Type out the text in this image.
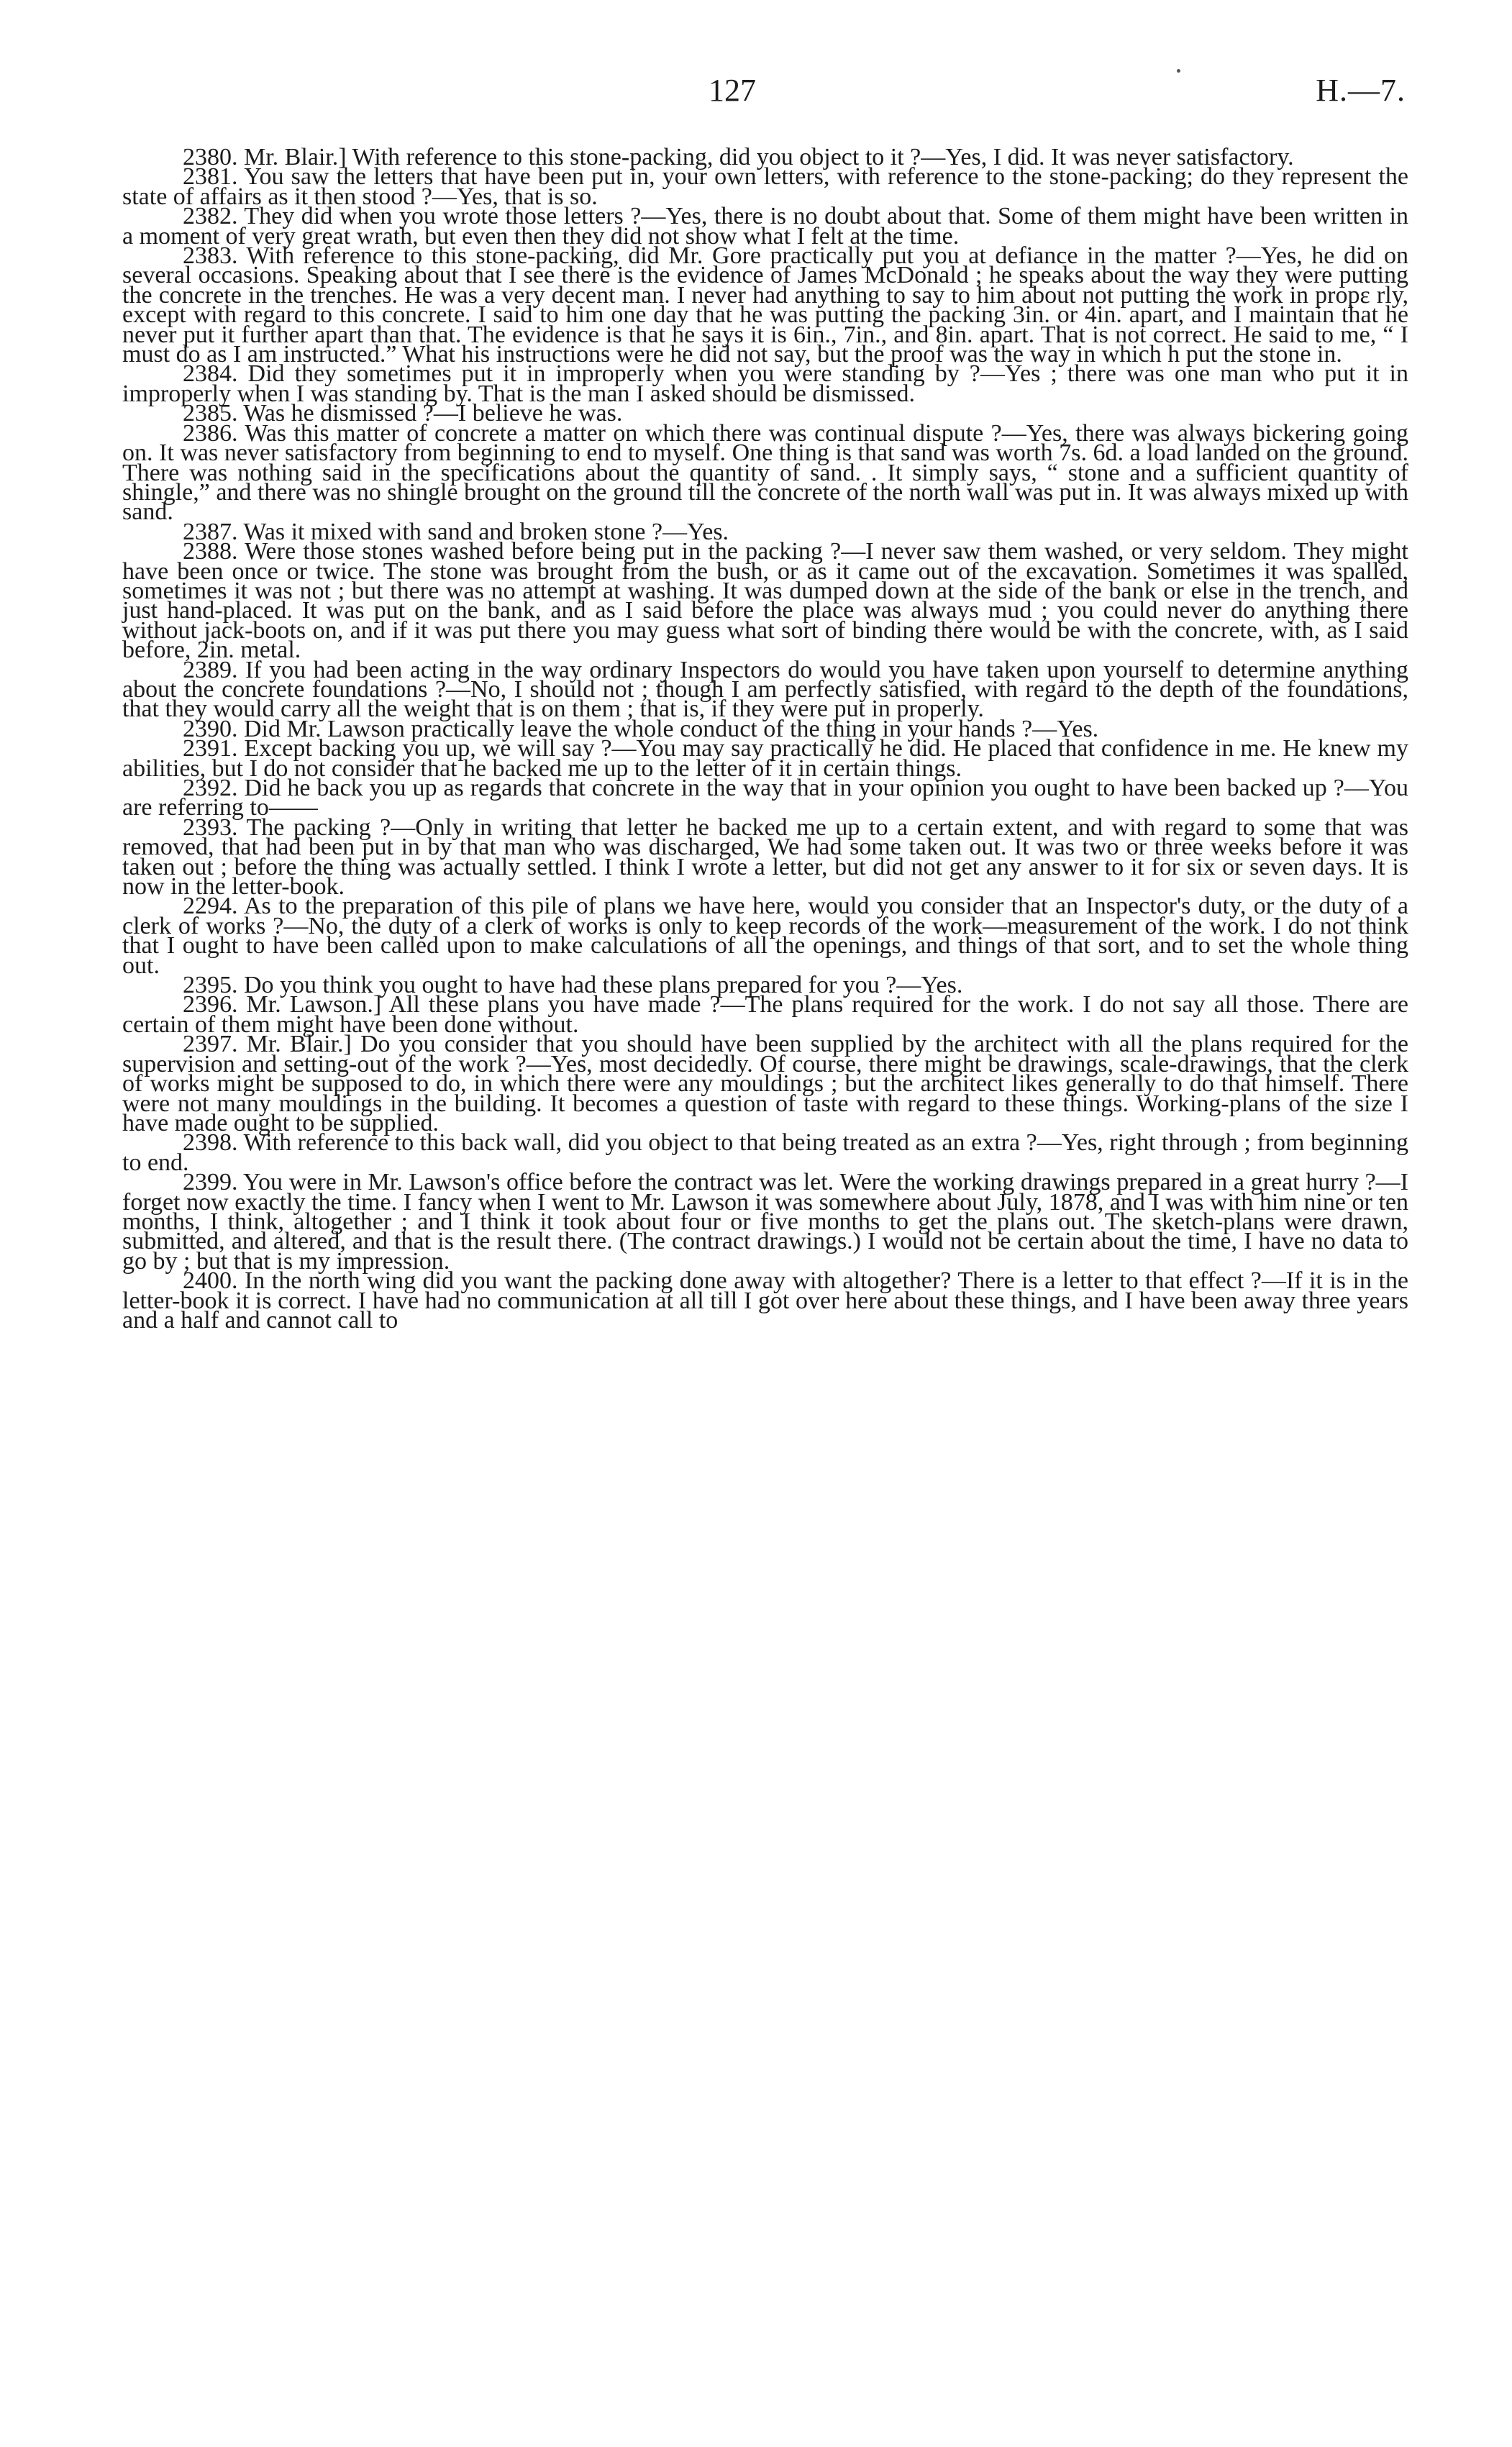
127	H.—7.

2380. Mr. Blair.] With reference to this stone-packing, did you object to it ?—Yes, I did. It was never satisfactory.

2381. You saw the letters that have been put in, your own letters, with reference to the stone-packing; do they represent the state of affairs as it then stood ?—Yes, that is so.

2382. They did when you wrote those letters ?—Yes, there is no doubt about that. Some of them might have been written in a moment of very great wrath, but even then they did not show what I felt at the time.

2383. With reference to this stone-packing, did Mr. Gore practically put you at defiance in the matter ?—Yes, he did on several occasions. Speaking about that I see there is the evidence of James McDonald ; he speaks about the way they were putting the concrete in the trenches. He was a very decent man. I never had anything to say to him about not putting the work in propε rly, except with regard to this concrete. I said to him one day that he was putting the packing 3in. or 4in. apart, and I maintain that he never put it further apart than that. The evidence is that he says it is 6in., 7in., and 8in. apart. That is not correct. He said to me, “ I must do as I am instructed.” What his instructions were he did not say, but the proof was the way in which h put the stone in.

2384. Did they sometimes put it in improperly when you were standing by ?—Yes ; there was one man who put it in improperly when I was standing by. That is the man I asked should be dismissed.

2385. Was he dismissed ?—I believe he was.

2386. Was this matter of concrete a matter on which there was continual dispute ?—Yes, there was always bickering going on. It was never satisfactory from beginning to end to myself. One thing is that sand was worth 7s. 6d. a load landed on the ground. There was nothing said in the specifications about the quantity of sand. . It simply says, “ stone and a sufficient quantity of shingle,” and there was no shingle brought on the ground till the concrete of the north wall was put in. It was always mixed up with sand.

2387. Was it mixed with sand and broken stone ?—Yes.

2388. Were those stones washed before being put in the packing ?—I never saw them washed, or very seldom. They might have been once or twice. The stone was brought from the bush, or as it came out of the excavation. Sometimes it was spalled, sometimes it was not ; but there was no attempt at washing. It was dumped down at the side of the bank or else in the trench, and just hand-placed. It was put on the bank, and as I said before the place was always mud ; you could never do anything there without jack-boots on, and if it was put there you may guess what sort of binding there would be with the concrete, with, as I said before, 2in. metal.

2389. If you had been acting in the way ordinary Inspectors do would you have taken upon yourself to determine anything about the concrete foundations ?—No, I should not ; though I am perfectly satisfied, with regard to the depth of the foundations, that they would carry all the weight that is on them ; that is, if they were put in properly.

2390. Did Mr. Lawson practically leave the whole conduct of the thing in your hands ?—Yes.

2391. Except backing you up, we will say ?—You may say practically he did. He placed that confidence in me. He knew my abilities, but I do not consider that he backed me up to the letter of it in certain things.

2392. Did he back you up as regards that concrete in the way that in your opinion you ought to have been backed up ?—You are referring to——

2393. The packing ?—Only in writing that letter he backed me up to a certain extent, and with regard to some that was removed, that had been put in by that man who was discharged, We had some taken out. It was two or three weeks before it was taken out ; before the thing was actually settled. I think I wrote a letter, but did not get any answer to it for six or seven days. It is now in the letter-book.

2294. As to the preparation of this pile of plans we have here, would you consider that an Inspector's duty, or the duty of a clerk of works ?—No, the duty of a clerk of works is only to keep records of the work—measurement of the work. I do not think that I ought to have been called upon to make calculations of all the openings, and things of that sort, and to set the whole thing out.

2395. Do you think you ought to have had these plans prepared for you ?—Yes.

2396. Mr. Lawson.] All these plans you have made ?—The plans required for the work. I do not say all those. There are certain of them might have been done without.

2397. Mr. Blair.] Do you consider that you should have been supplied by the architect with all the plans required for the supervision and setting-out of the work ?—Yes, most decidedly. Of course, there might be drawings, scale-drawings, that the clerk of works might be supposed to do, in which there were any mouldings ; but the architect likes generally to do that himself. There were not many mouldings in the building. It becomes a question of taste with regard to these things. Working-plans of the size I have made ought to be supplied.

2398. With reference to this back wall, did you object to that being treated as an extra ?—Yes, right through ; from beginning to end.

2399. You were in Mr. Lawson's office before the contract was let. Were the working drawings prepared in a great hurry ?—I forget now exactly the time. I fancy when I went to Mr. Lawson it was somewhere about July, 1878, and I was with him nine or ten months, I think, altogether ; and I think it took about four or five months to get the plans out. The sketch-plans were drawn, submitted, and altered, and that is the result there. (The contract drawings.) I would not be certain about the time, I have no data to go by ; but that is my impression.

2400. In the north wing did you want the packing done away with altogether? There is a letter to that effect ?—If it is in the letter-book it is correct. I have had no communication at all till I got over here about these things, and I have been away three years and a half and cannot call to
